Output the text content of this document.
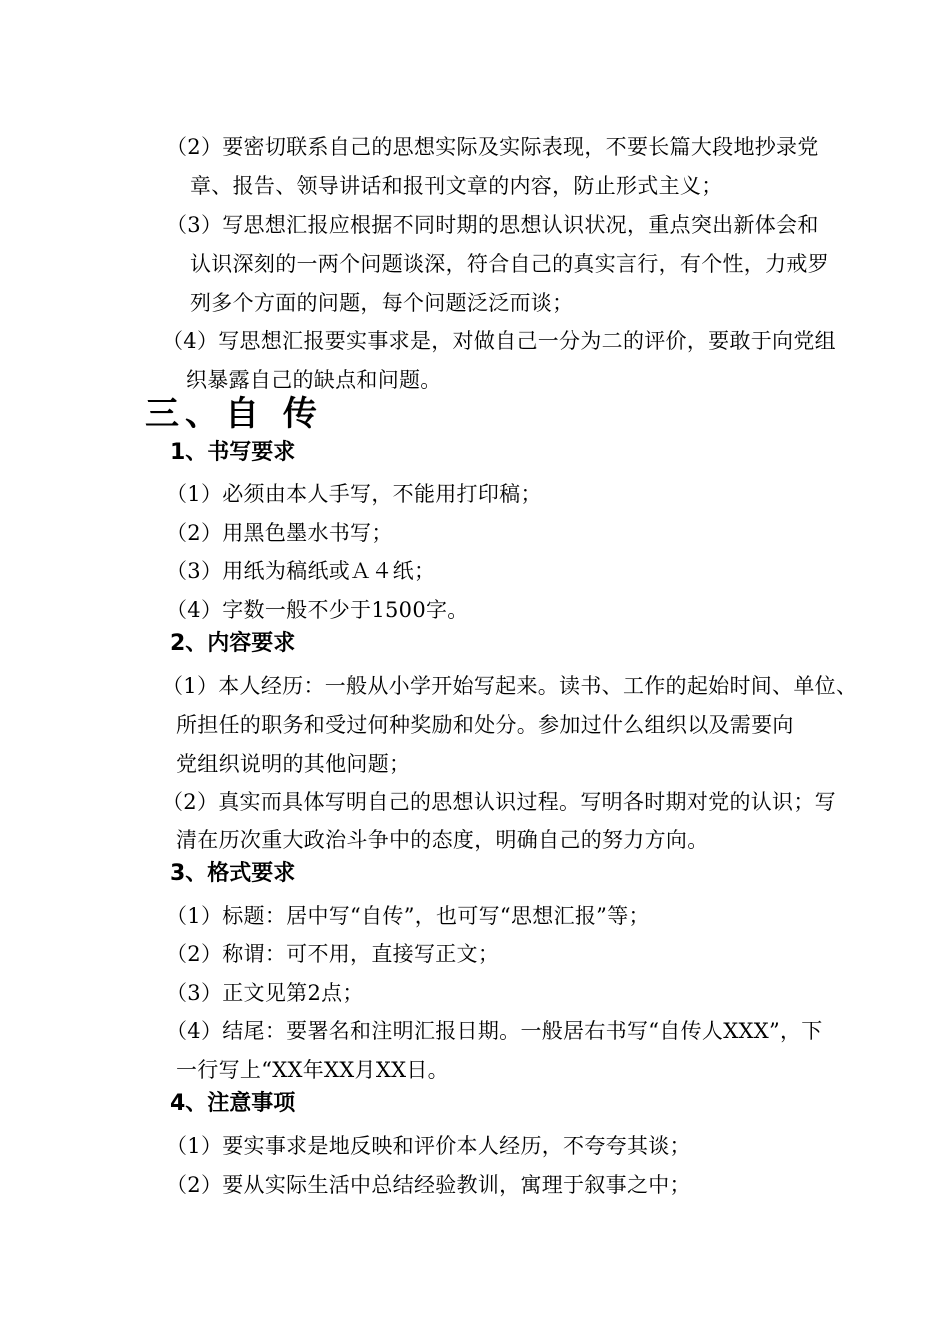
（2）要密切联系自己的思想实际及实际表现，不要长篇大段地抄录党
章、报告、领导讲话和报刊文章的内容，防止形式主义；
（3）写思想汇报应根据不同时期的思想认识状况，重点突出新体会和
认识深刻的一两个问题谈深，符合自己的真实言行，有个性，力戒罗
列多个方面的问题，每个问题泛泛而谈；
（4）写思想汇报要实事求是，对做自己一分为二的评价，要敢于向党组
织暴露自己的缺点和问题。
三、自 传
1、书写要求
（1）必须由本人手写，不能用打印稿；
（2）用黑色墨水书写；
（3）用纸为稿纸或Ａ４纸；
（4）字数一般不少于1500字。
2、内容要求
（1）本人经历：一般从小学开始写起来。读书、工作的起始时间、单位、
所担任的职务和受过何种奖励和处分。参加过什么组织以及需要向
党组织说明的其他问题；
（2）真实而具体写明自己的思想认识过程。写明各时期对党的认识；写
清在历次重大政治斗争中的态度，明确自己的努力方向。
3、格式要求
（1）标题：居中写“自传”，也可写“思想汇报”等；
（2）称谓：可不用，直接写正文；
（3）正文见第2点；
（4）结尾：要署名和注明汇报日期。一般居右书写“自传人XXX”，下
一行写上“XX年XX月XX日。
4、注意事项
（1）要实事求是地反映和评价本人经历，不夸夸其谈；
（2）要从实际生活中总结经验教训，寓理于叙事之中；
